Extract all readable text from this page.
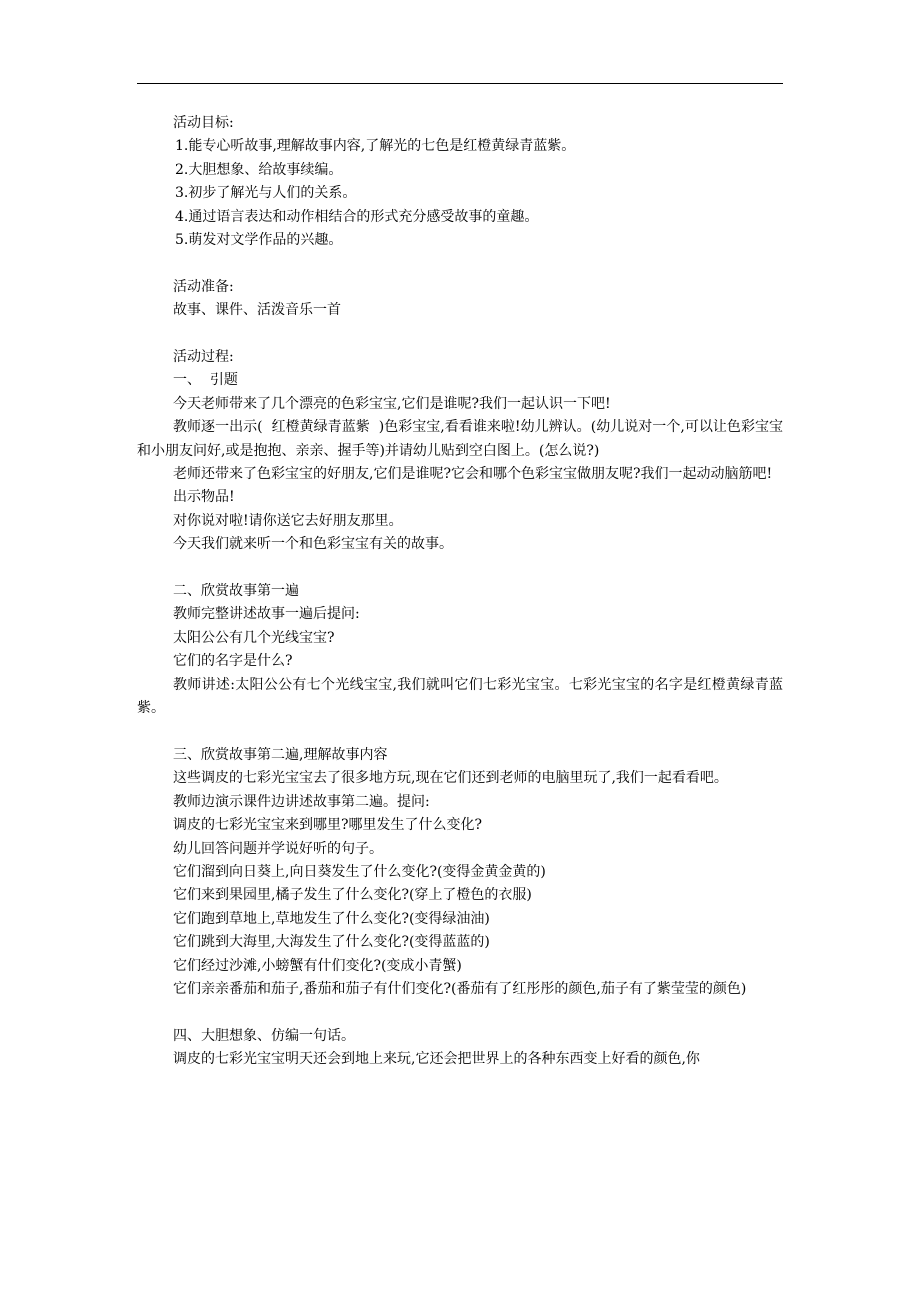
活动目标:

1.能专心听故事,理解故事内容,了解光的七色是红橙黄绿青蓝紫。

2.大胆想象、给故事续编。

3.初步了解光与人们的关系。

4.通过语言表达和动作相结合的形式充分感受故事的童趣。

5.萌发对文学作品的兴趣。

活动准备:

故事、课件、活泼音乐一首

活动过程:

一、  引题

今天老师带来了几个漂亮的色彩宝宝,它们是谁呢?我们一起认识一下吧!

教师逐一出示(  红橙黄绿青蓝紫  )色彩宝宝,看看谁来啦!幼儿辨认。(幼儿说对一个,可以让色彩宝宝和小朋友问好,或是抱抱、亲亲、握手等)并请幼儿贴到空白图上。(怎么说?)

老师还带来了色彩宝宝的好朋友,它们是谁呢?它会和哪个色彩宝宝做朋友呢?我们一起动动脑筋吧!

出示物品!

对你说对啦!请你送它去好朋友那里。

今天我们就来听一个和色彩宝宝有关的故事。

二、欣赏故事第一遍

教师完整讲述故事一遍后提问:

太阳公公有几个光线宝宝?

它们的名字是什么?

教师讲述:太阳公公有七个光线宝宝,我们就叫它们七彩光宝宝。七彩光宝宝的名字是红橙黄绿青蓝紫。

三、欣赏故事第二遍,理解故事内容

这些调皮的七彩光宝宝去了很多地方玩,现在它们还到老师的电脑里玩了,我们一起看看吧。

教师边演示课件边讲述故事第二遍。提问:

调皮的七彩光宝宝来到哪里?哪里发生了什么变化?

幼儿回答问题并学说好听的句子。

它们溜到向日葵上,向日葵发生了什么变化?(变得金黄金黄的)

它们来到果园里,橘子发生了什么变化?(穿上了橙色的衣服)

它们跑到草地上,草地发生了什么变化?(变得绿油油)

它们跳到大海里,大海发生了什么变化?(变得蓝蓝的)

它们经过沙滩,小螃蟹有什们变化?(变成小青蟹)

它们亲亲番茄和茄子,番茄和茄子有什们变化?(番茄有了红彤彤的颜色,茄子有了紫莹莹的颜色)

四、大胆想象、仿编一句话。

调皮的七彩光宝宝明天还会到地上来玩,它还会把世界上的各种东西变上好看的颜色,你
